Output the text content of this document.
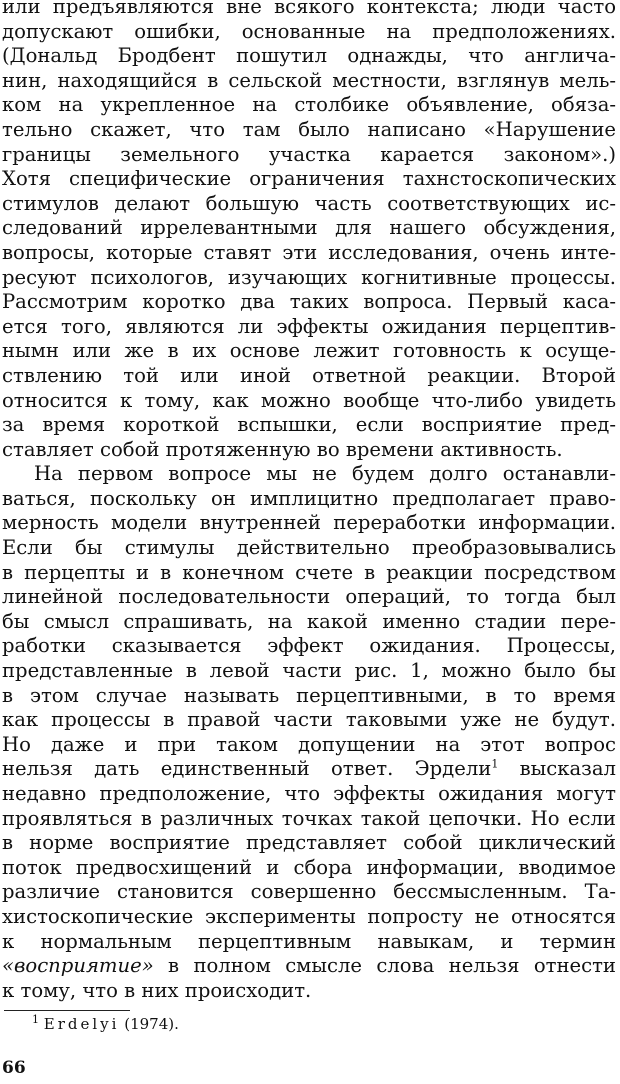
или предъявляются вне всякого контекста; люди часто
допускают ошибки, основанные на предположениях.
(Дональд Бродбент пошутил однажды, что англича-
нин, находящийся в сельской местности, взглянув мель-
ком на укрепленное на столбике объявление, обяза-
тельно скажет, что там было написано «Нарушение
границы земельного участка карается законом».)
Хотя специфические ограничения тахнстоскопических
стимулов делают большую часть соответствующих ис-
следований иррелевантными для нашего обсуждения,
вопросы, которые ставят эти исследования, очень инте-
ресуют психологов, изучающих когнитивные процессы.
Рассмотрим коротко два таких вопроса. Первый каса-
ется того, являются ли эффекты ожидания перцептив-
нымн или же в их основе лежит готовность к осуще-
ствлению той или иной ответной реакции. Второй
относится к тому, как можно вообще что-либо увидеть
за время короткой вспышки, если восприятие пред-
ставляет собой протяженную во времени активность.
На первом вопросе мы не будем долго останавли-
ваться, поскольку он имплицитно предполагает право-
мерность модели внутренней переработки информации.
Если бы стимулы действительно преобразовывались
в перцепты и в конечном счете в реакции посредством
линейной последовательности операций, то тогда был
бы смысл спрашивать, на какой именно стадии пере-
работки сказывается эффект ожидания. Процессы,
представленные в левой части рис. 1, можно было бы
в этом случае называть перцептивными, в то время
как процессы в правой части таковыми уже не будут.
Но даже и при таком допущении на этот вопрос
нельзя дать единственный ответ. Эрдели$^1$ высказал
недавно предположение, что эффекты ожидания могут
проявляться в различных точках такой цепочки. Но если
в норме восприятие представляет собой циклический
поток предвосхищений и сбора информации, вводимое
различие становится совершенно бессмысленным. Та-
хистоскопические эксперименты попросту не относятся
к нормальным перцептивным навыкам, и термин
«восприятие» в полном смысле слова нельзя отнести
к тому, что в них происходит.
$^1$ Erdelyi (1974).
66
